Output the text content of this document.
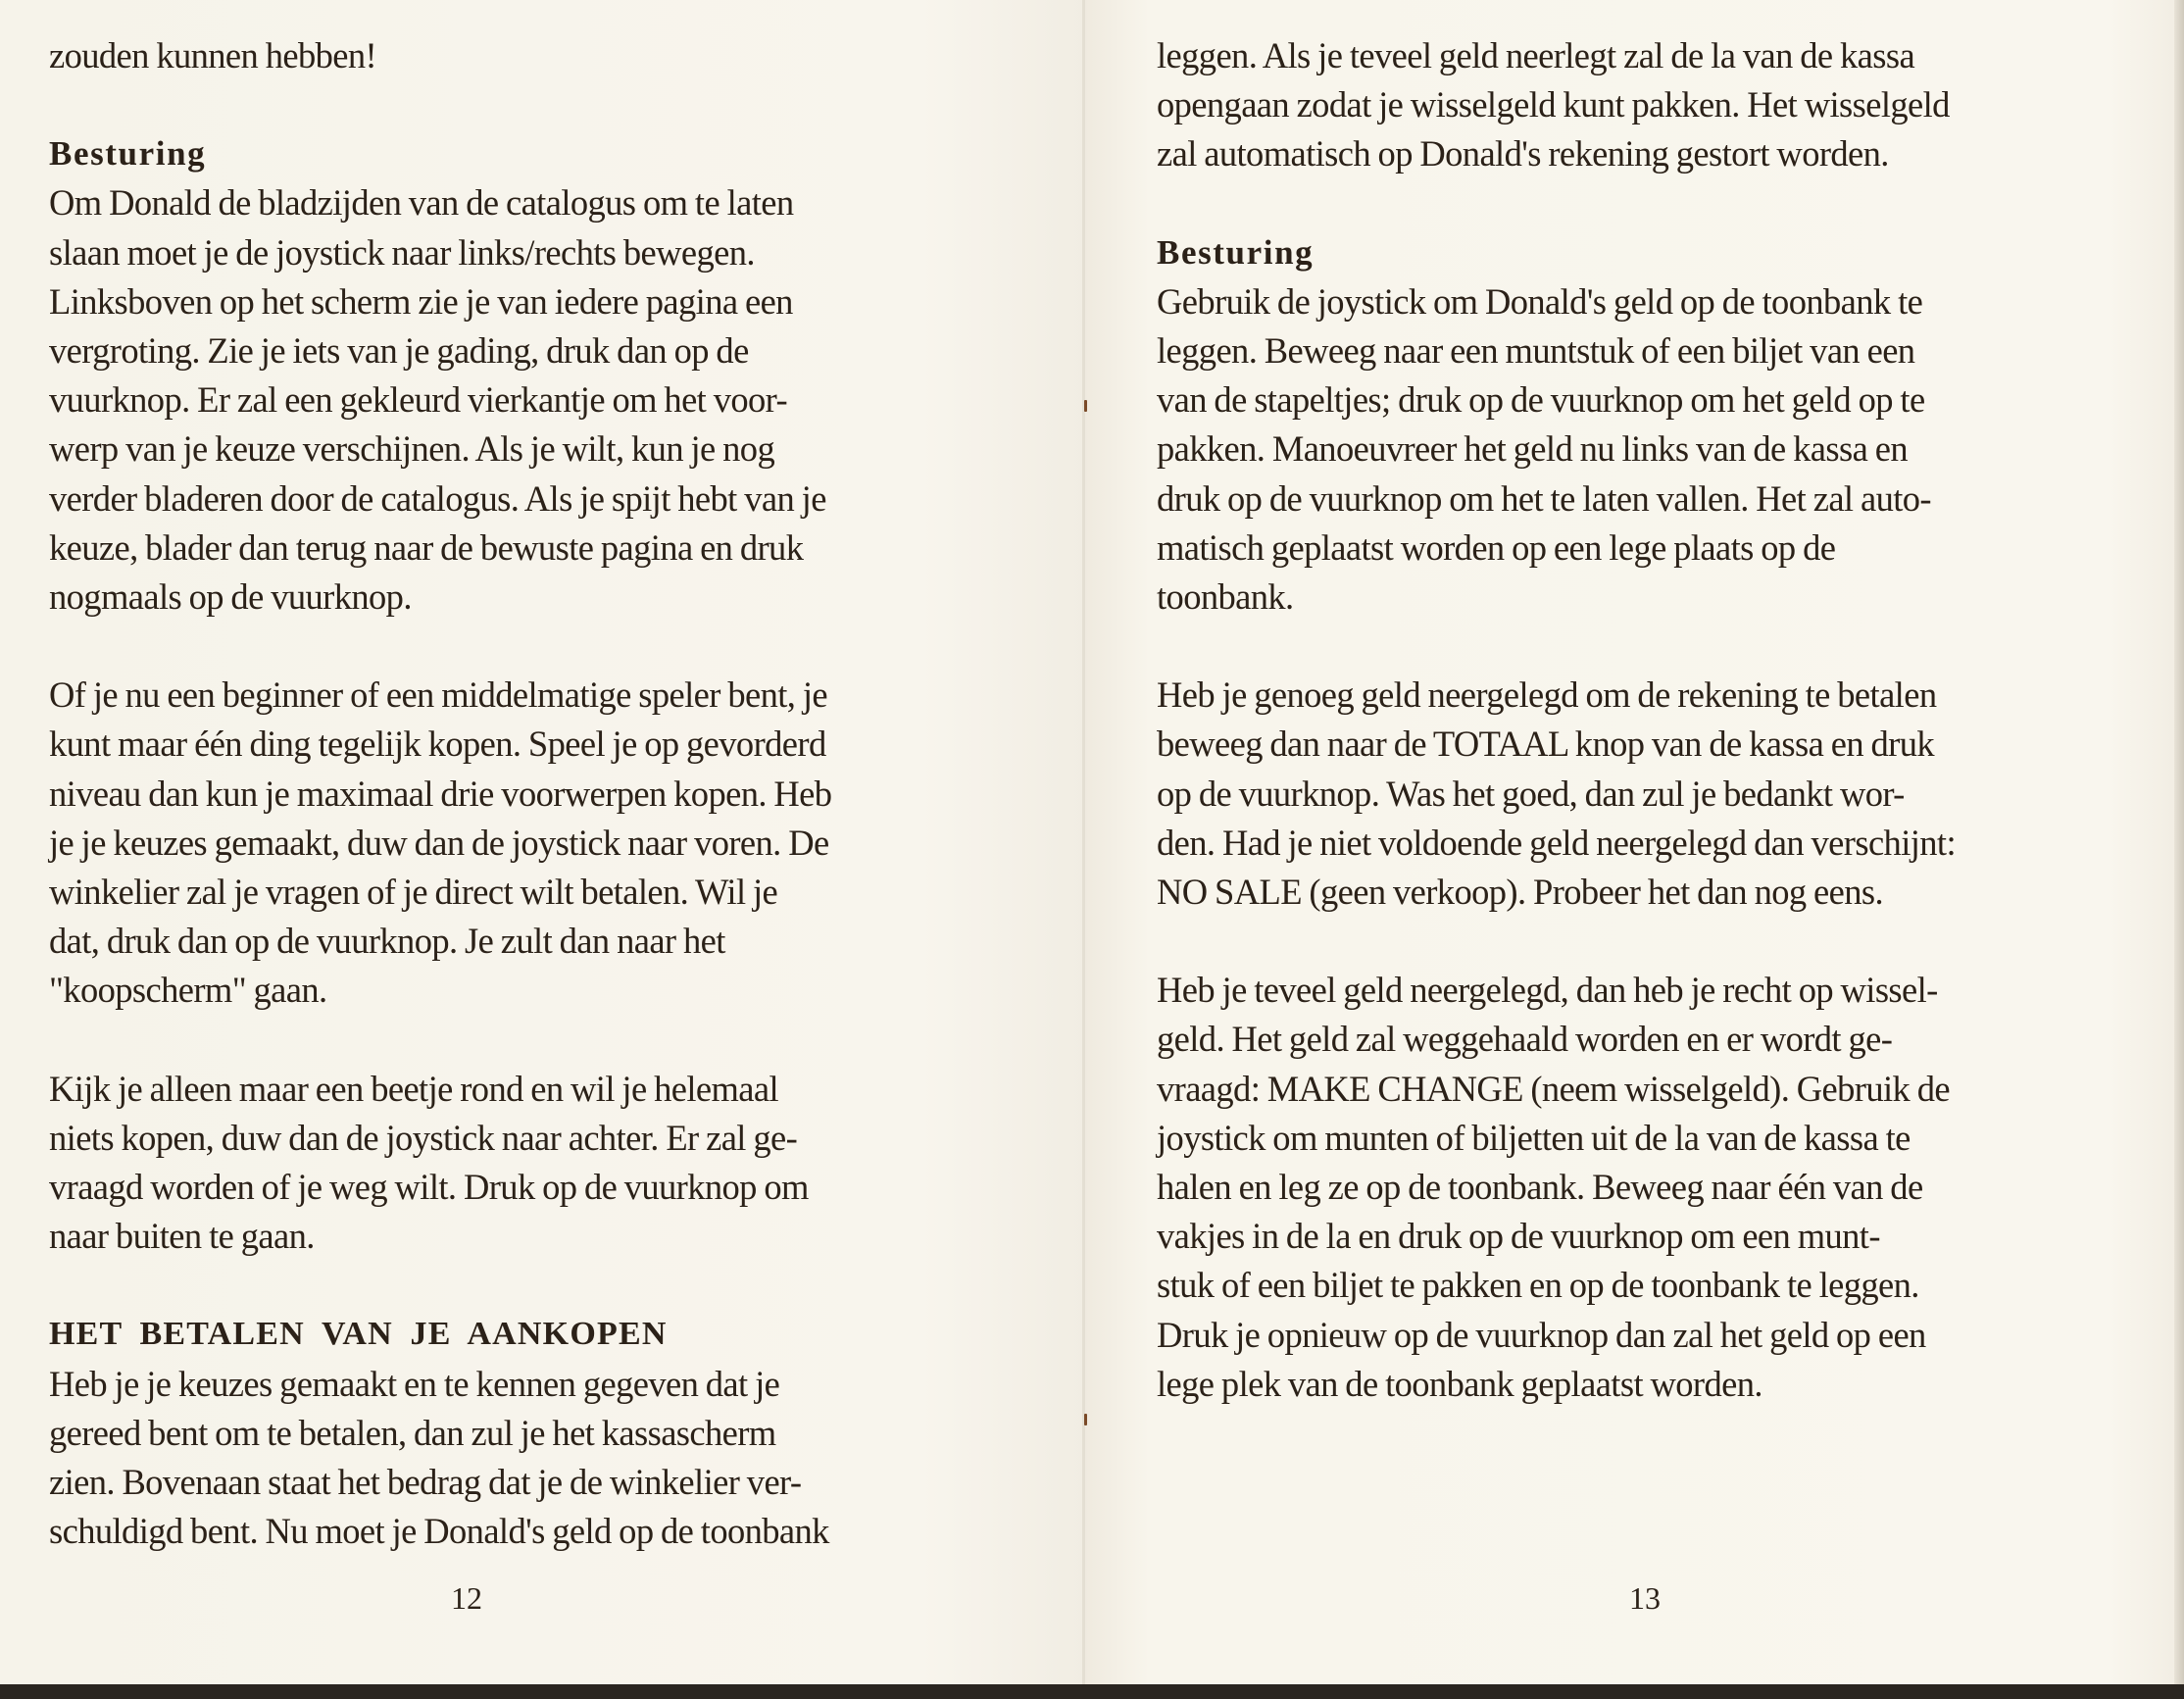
zouden kunnen hebben!
Besturing
Om Donald de bladzijden van de catalogus om te laten
slaan moet je de joystick naar links/rechts bewegen.
Linksboven op het scherm zie je van iedere pagina een
vergroting. Zie je iets van je gading, druk dan op de
vuurknop. Er zal een gekleurd vierkantje om het voor-
werp van je keuze verschijnen. Als je wilt, kun je nog
verder bladeren door de catalogus. Als je spijt hebt van je
keuze, blader dan terug naar de bewuste pagina en druk
nogmaals op de vuurknop.
Of je nu een beginner of een middelmatige speler bent, je
kunt maar één ding tegelijk kopen. Speel je op gevorderd
niveau dan kun je maximaal drie voorwerpen kopen. Heb
je je keuzes gemaakt, duw dan de joystick naar voren. De
winkelier zal je vragen of je direct wilt betalen. Wil je
dat, druk dan op de vuurknop. Je zult dan naar het
"koopscherm" gaan.
Kijk je alleen maar een beetje rond en wil je helemaal
niets kopen, duw dan de joystick naar achter. Er zal ge-
vraagd worden of je weg wilt. Druk op de vuurknop om
naar buiten te gaan.
HET BETALEN VAN JE AANKOPEN
Heb je je keuzes gemaakt en te kennen gegeven dat je
gereed bent om te betalen, dan zul je het kassascherm
zien. Bovenaan staat het bedrag dat je de winkelier ver-
schuldigd bent. Nu moet je Donald's geld op de toonbank
leggen. Als je teveel geld neerlegt zal de la van de kassa
opengaan zodat je wisselgeld kunt pakken. Het wisselgeld
zal automatisch op Donald's rekening gestort worden.
Besturing
Gebruik de joystick om Donald's geld op de toonbank te
leggen. Beweeg naar een muntstuk of een biljet van een
van de stapeltjes; druk op de vuurknop om het geld op te
pakken. Manoeuvreer het geld nu links van de kassa en
druk op de vuurknop om het te laten vallen. Het zal auto-
matisch geplaatst worden op een lege plaats op de
toonbank.
Heb je genoeg geld neergelegd om de rekening te betalen
beweeg dan naar de TOTAAL knop van de kassa en druk
op de vuurknop. Was het goed, dan zul je bedankt wor-
den. Had je niet voldoende geld neergelegd dan verschijnt:
NO SALE (geen verkoop). Probeer het dan nog eens.
Heb je teveel geld neergelegd, dan heb je recht op wissel-
geld. Het geld zal weggehaald worden en er wordt ge-
vraagd: MAKE CHANGE (neem wisselgeld). Gebruik de
joystick om munten of biljetten uit de la van de kassa te
halen en leg ze op de toonbank. Beweeg naar één van de
vakjes in de la en druk op de vuurknop om een munt-
stuk of een biljet te pakken en op de toonbank te leggen.
Druk je opnieuw op de vuurknop dan zal het geld op een
lege plek van de toonbank geplaatst worden.
12	13
